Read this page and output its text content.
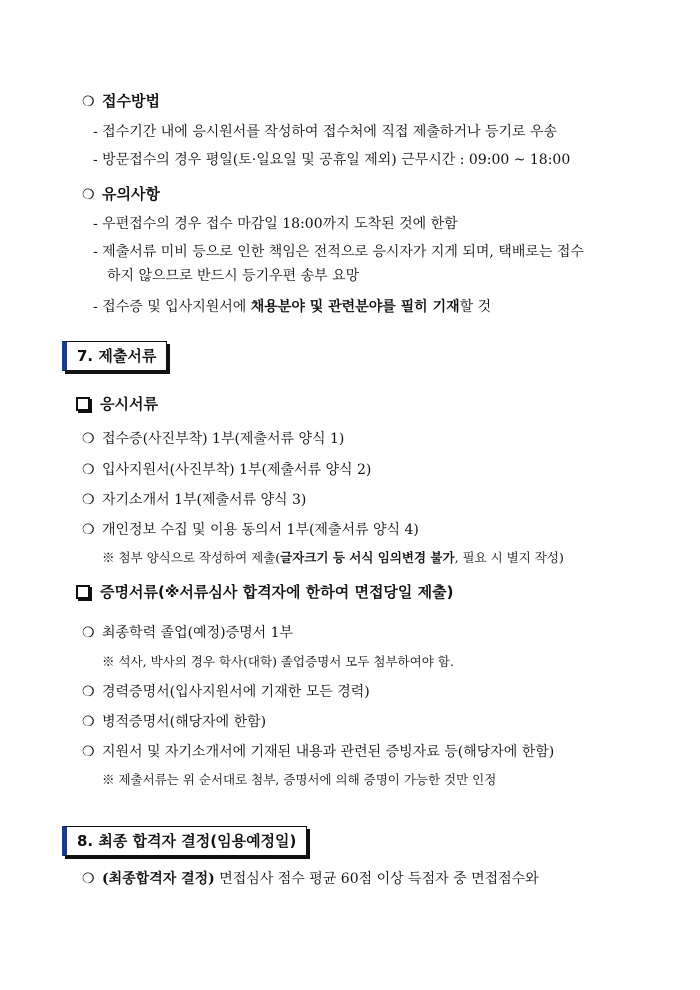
❍ 접수방법
- 접수기간 내에 응시원서를 작성하여 접수처에 직접 제출하거나 등기로 우송
- 방문접수의 경우 평일(토·일요일 및 공휴일 제외) 근무시간 : 09:00 ~ 18:00
❍ 유의사항
- 우편접수의 경우 접수 마감일 18:00까지 도착된 것에 한함
- 제출서류 미비 등으로 인한 책임은 전적으로 응시자가 지게 되며, 택배로는 접수
하지 않으므로 반드시 등기우편 송부 요망
- 접수증 및 입사지원서에 채용분야 및 관련분야를 필히 기재할 것
7. 제출서류
응시서류
❍ 접수증(사진부착) 1부(제출서류 양식 1)
❍ 입사지원서(사진부착) 1부(제출서류 양식 2)
❍ 자기소개서 1부(제출서류 양식 3)
❍ 개인정보 수집 및 이용 동의서 1부(제출서류 양식 4)
※ 첨부 양식으로 작성하여 제출(글자크기 등 서식 임의변경 불가, 필요 시 별지 작성)
증명서류(※서류심사 합격자에 한하여 면접당일 제출)
❍ 최종학력 졸업(예정)증명서 1부
※ 석사, 박사의 경우 학사(대학) 졸업증명서 모두 첨부하여야 함.
❍ 경력증명서(입사지원서에 기재한 모든 경력)
❍ 병적증명서(해당자에 한함)
❍ 지원서 및 자기소개서에 기재된 내용과 관련된 증빙자료 등(해당자에 한함)
※ 제출서류는 위 순서대로 첨부, 증명서에 의해 증명이 가능한 것만 인정
8. 최종 합격자 결정(임용예정일)
❍ (최종합격자 결정) 면접심사 점수 평균 60점 이상 득점자 중 면접점수와
